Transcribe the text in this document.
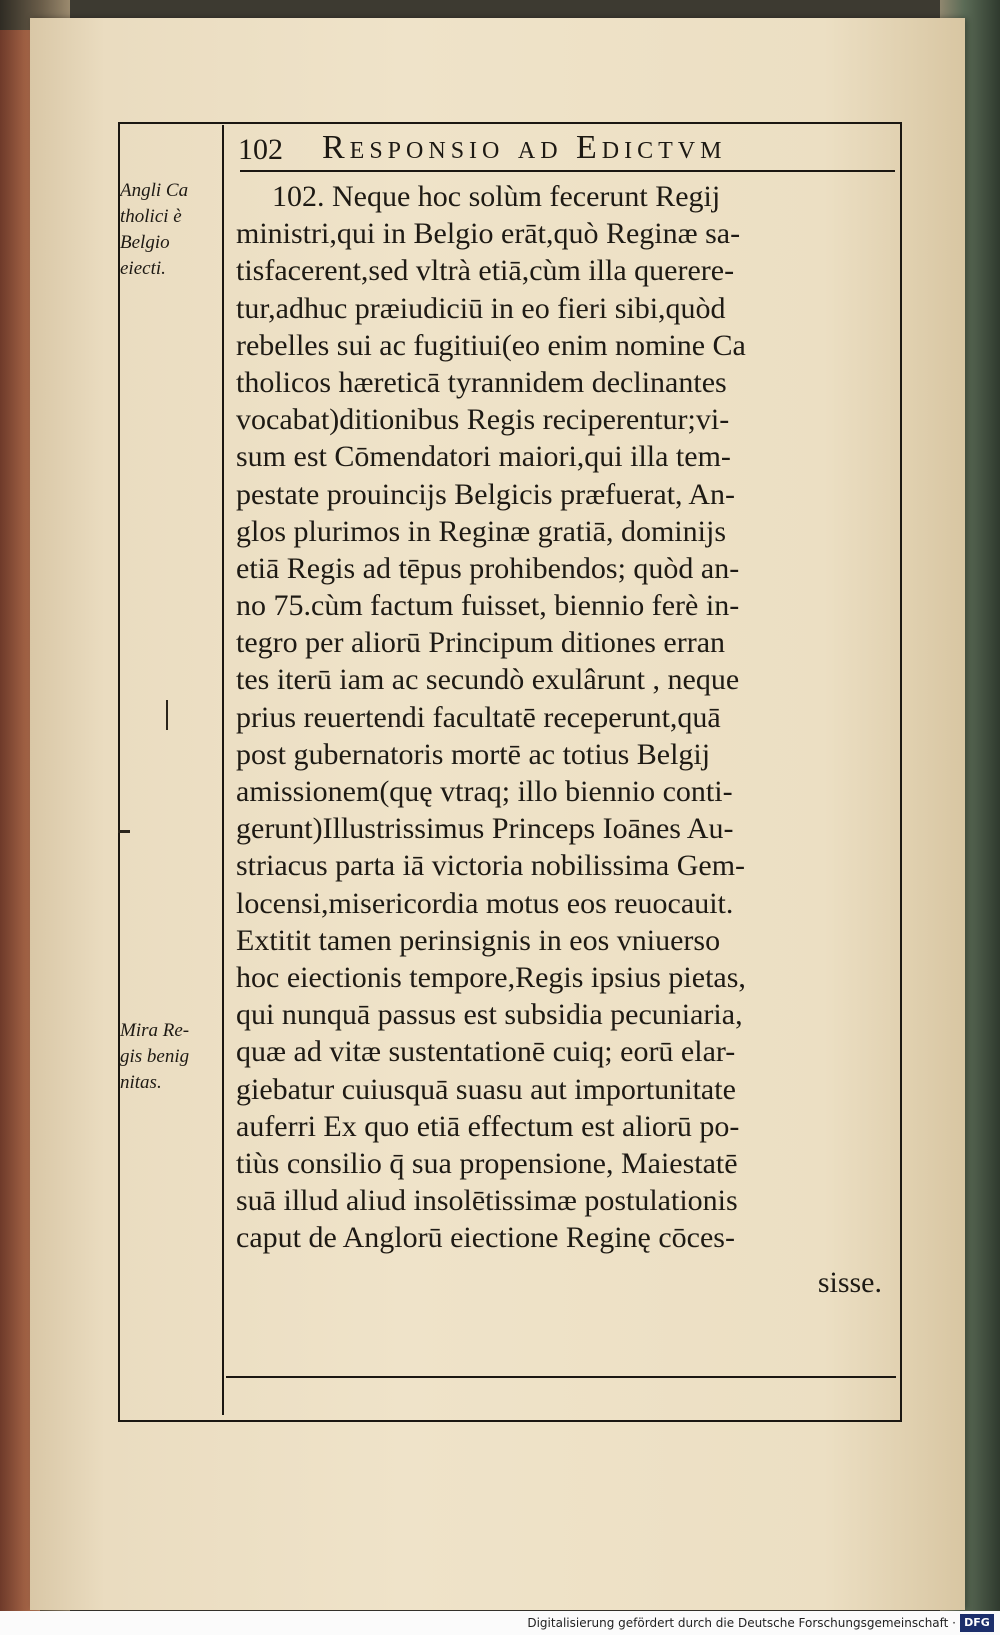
102	Responsio ad Edictvm
Angli Ca
tholici è
Belgio
eiecti.
Mira Re-
gis benig
nitas.
102. Neque hoc solùm fecerunt Regij
ministri,qui in Belgio erāt,quò Reginæ sa-
tisfacerent,sed vltrà etiā,cùm illa querere-
tur,adhuc præiudiciū in eo fieri sibi,quòd
rebelles sui ac fugitiui(eo enim nomine Ca
tholicos hæreticā tyrannidem declinantes
vocabat)ditionibus Regis reciperentur;vi-
sum est Cōmendatori maiori,qui illa tem-
pestate prouincijs Belgicis præfuerat, An-
glos plurimos in Reginæ gratiā, dominijs
etiā Regis ad tēpus prohibendos; quòd an-
no 75.cùm factum fuisset, biennio ferè in-
tegro per aliorū Principum ditiones erran
tes iterū iam ac secundò exulârunt , neque
prius reuertendi facultatē receperunt,quā
post gubernatoris mortē ac totius Belgij
amissionem(quę vtraq; illo biennio conti-
gerunt)Illustrissimus Princeps Ioānes Au-
striacus parta iā victoria nobilissima Gem-
locensi,misericordia motus eos reuocauit.
Extitit tamen perinsignis in eos vniuerso
hoc eiectionis tempore,Regis ipsius pietas,
qui nunquā passus est subsidia pecuniaria,
quæ ad vitæ sustentationē cuiq; eorū elar-
giebatur cuiusquā suasu aut importunitate
auferri Ex quo etiā effectum est aliorū po-
tiùs consilio q̄ sua propensione, Maiestatē
suā illud aliud insolētissimæ postulationis
caput de Anglorū eiectione Reginę cōces-
sisse.
Digitalisierung gefördert durch die Deutsche Forschungsgemeinschaft · DFG
